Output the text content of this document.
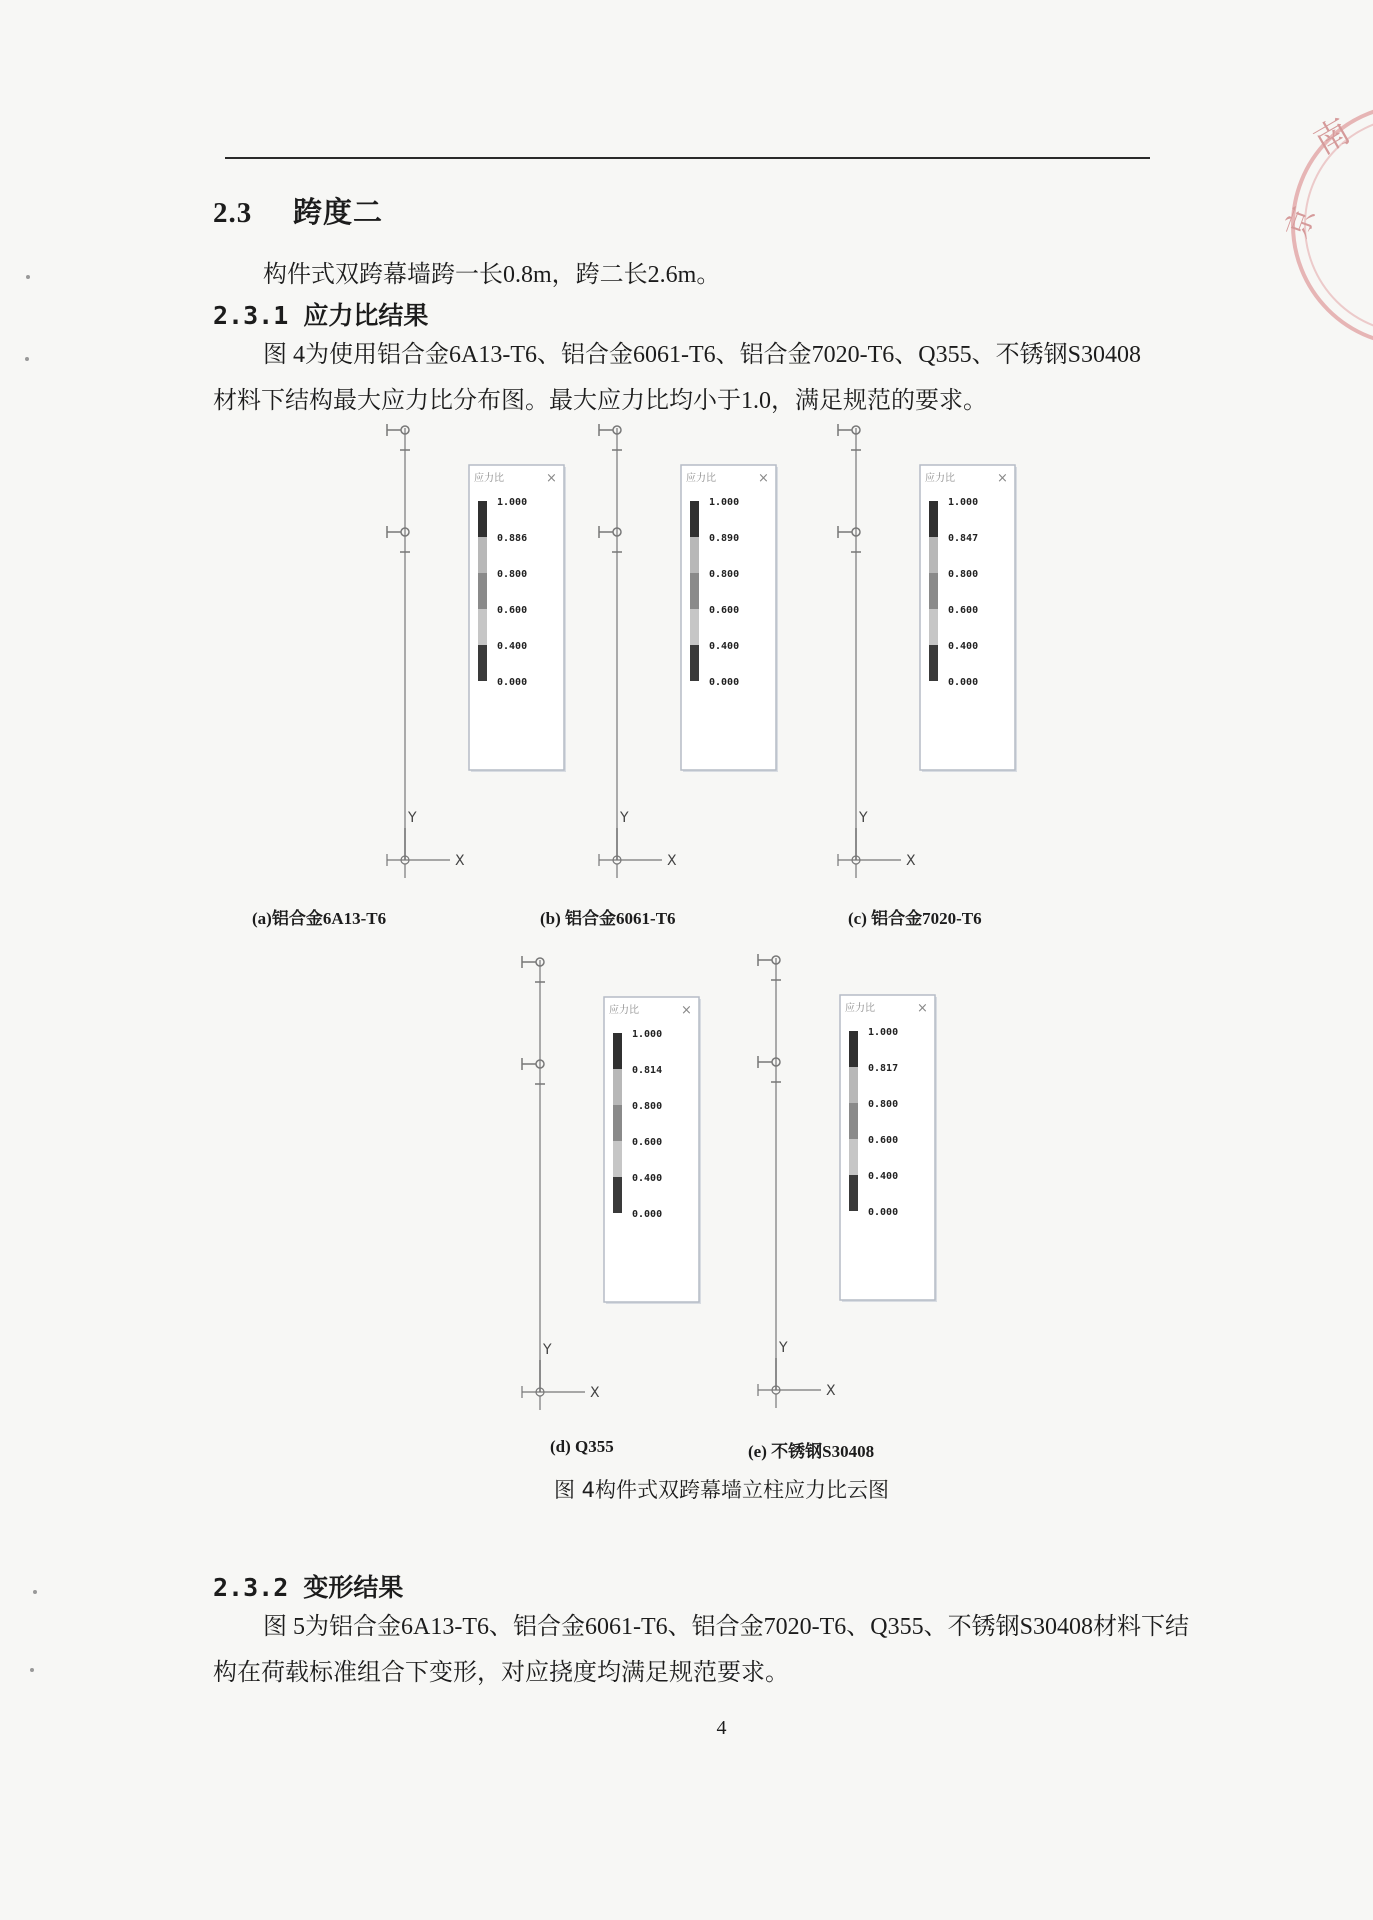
南
京
2.3 跨度二
构件式双跨幕墙跨一长0.8m，跨二长2.6m。
2.3.1 应力比结果
图 4为使用铝合金6A13-T6、铝合金6061-T6、铝合金7020-T6、Q355、不锈钢S30408材料下结构最大应力比分布图。最大应力比均小于1.0，满足规范的要求。
Y
X
应力比	×
1.000
0.886
0.800
0.600
0.400
0.000
Y
X
应力比	×
1.000
0.890
0.800
0.600
0.400
0.000
Y
X
应力比	×
1.000
0.847
0.800
0.600
0.400
0.000
Y
X
应力比	×
1.000
0.814
0.800
0.600
0.400
0.000
Y
X
应力比	×
1.000
0.817
0.800
0.600
0.400
0.000
(a)铝合金6A13-T6	(b) 铝合金6061-T6	(c) 铝合金7020-T6
(d) Q355	(e) 不锈钢S30408
图 4构件式双跨幕墙立柱应力比云图
2.3.2 变形结果
图 5为铝合金6A13-T6、铝合金6061-T6、铝合金7020-T6、Q355、不锈钢S30408材料下结构在荷载标准组合下变形，对应挠度均满足规范要求。
4
